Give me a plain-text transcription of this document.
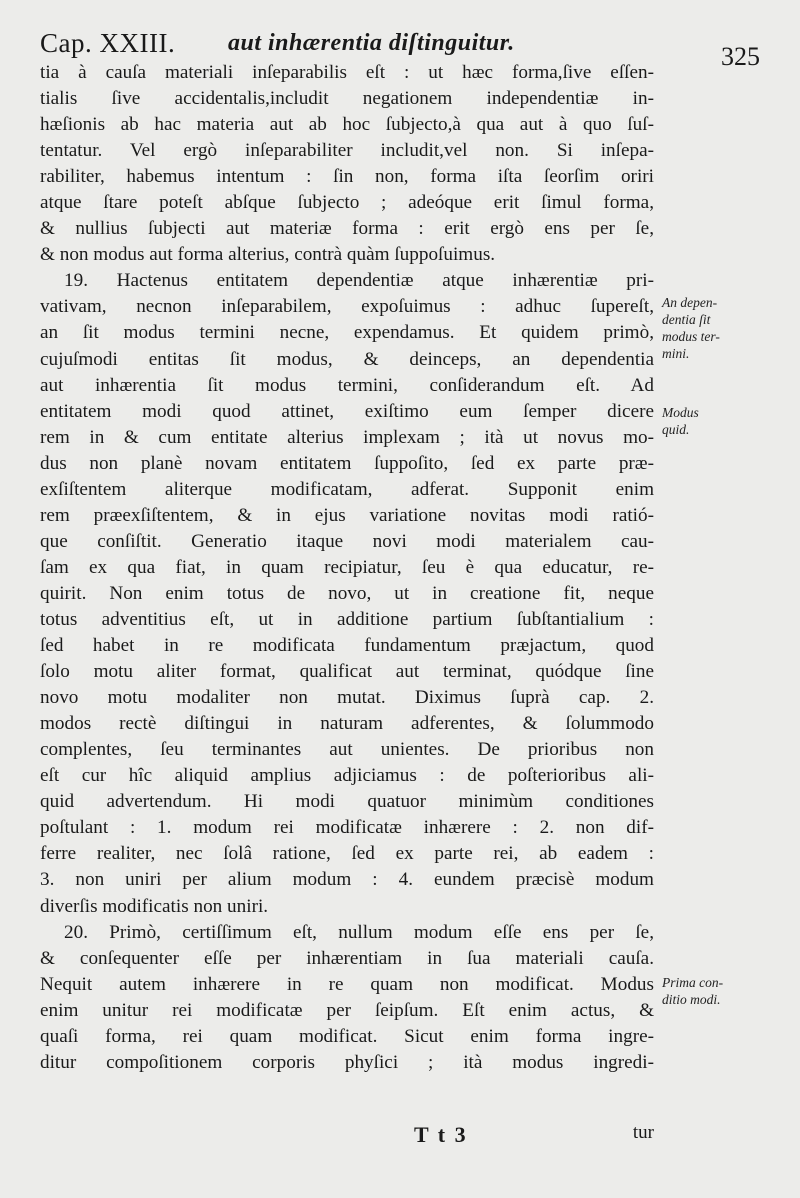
Cap. XXIII. aut inhærentia diſtinguitur.	325
tia à cauſa materiali inſeparabilis eſt : ut hæc forma,ſive eſſen-
tialis ſive accidentalis,includit negationem independentiæ in-
hæſionis ab hac materia aut ab hoc ſubjecto,à qua aut à quo ſuſ-
tentatur. Vel ergò inſeparabiliter includit,vel non. Si inſepa-
rabiliter, habemus intentum : ſin non, forma iſta ſeorſim oriri
atque ſtare poteſt abſque ſubjecto ; adeóque erit ſimul forma,
& nullius ſubjecti aut materiæ forma : erit ergò ens per ſe,
& non modus aut forma alterius, contrà quàm ſuppoſuimus.
19. Hactenus entitatem dependentiæ atque inhærentiæ pri-
vativam, necnon inſeparabilem, expoſuimus : adhuc ſupereſt,
an ſit modus termini necne, expendamus. Et quidem primò,
cujuſmodi entitas ſit modus, & deinceps, an dependentia
aut inhærentia ſit modus termini, conſiderandum eſt. Ad
entitatem modi quod attinet, exiſtimo eum ſemper dicere
rem in & cum entitate alterius implexam ; ità ut novus mo-
dus non planè novam entitatem ſuppoſito, ſed ex parte præ-
exſiſtentem aliterque modificatam, adferat. Supponit enim
rem præexſiſtentem, & in ejus variatione novitas modi ratió-
que conſiſtit. Generatio itaque novi modi materialem cau-
ſam ex qua fiat, in quam recipiatur, ſeu è qua educatur, re-
quirit. Non enim totus de novo, ut in creatione fit, neque
totus adventitius eſt, ut in additione partium ſubſtantialium :
ſed habet in re modificata fundamentum præjactum, quod
ſolo motu aliter format, qualificat aut terminat, quódque ſine
novo motu modaliter non mutat. Diximus ſuprà cap. 2.
modos rectè diſtingui in naturam adferentes, & ſolummodo
complentes, ſeu terminantes aut unientes. De prioribus non
eſt cur hîc aliquid amplius adjiciamus : de poſterioribus ali-
quid advertendum. Hi modi quatuor minimùm conditiones
poſtulant : 1. modum rei modificatæ inhærere : 2. non dif-
ferre realiter, nec ſolâ ratione, ſed ex parte rei, ab eadem :
3. non uniri per alium modum : 4. eundem præcisè modum
diverſis modificatis non uniri.
20. Primò, certiſſimum eſt, nullum modum eſſe ens per ſe,
& conſequenter eſſe per inhærentiam in ſua materiali cauſa.
Nequit autem inhærere in re quam non modificat. Modus
enim unitur rei modificatæ per ſeipſum. Eſt enim actus, &
quaſi forma, rei quam modificat. Sicut enim forma ingre-
ditur compoſitionem corporis phyſici ; ità modus ingredi-
An depen-
dentia ſit
modus ter-
mini.
Modus
quid.
Prima con-
ditio modi.
T t 3	tur
